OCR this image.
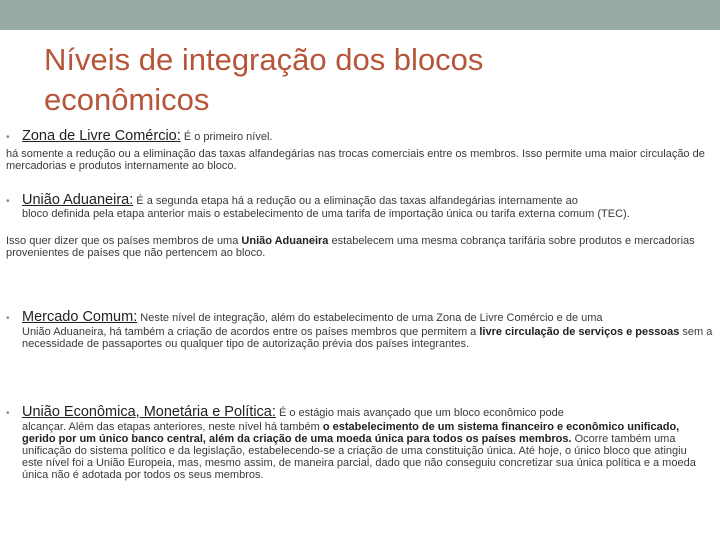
Níveis de integração dos blocos
econômicos
• Zona de Livre Comércio: É o primeiro nível.

há somente a redução ou a eliminação das taxas alfandegárias nas trocas comerciais entre os membros. Isso permite uma maior circulação de mercadorias e produtos internamente ao bloco.

• União Aduaneira: É a segunda etapa há a redução ou a eliminação das taxas alfandegárias internamente ao

bloco definida pela etapa anterior mais o estabelecimento de uma tarifa de importação única ou tarifa externa comum (TEC).

Isso quer dizer que os países membros de uma União Aduaneira estabelecem uma mesma cobrança tarifária sobre produtos e mercadorias provenientes de países que não pertencem ao bloco.

• Mercado Comum: Neste nível de integração, além do estabelecimento de uma Zona de Livre Comércio e de uma

União Aduaneira, há também a criação de acordos entre os países membros que permitem a livre circulação de serviços e pessoas sem a necessidade de passaportes ou qualquer tipo de autorização prévia dos países integrantes.

• União Econômica, Monetária e Política: É o estágio mais avançado que um bloco econômico pode

alcançar. Além das etapas anteriores, neste nível há também o estabelecimento de um sistema financeiro e econômico unificado, gerido por um único banco central, além da criação de uma moeda única para todos os países membros. Ocorre também uma unificação do sistema político e da legislação, estabelecendo-se a criação de uma constituição única. Até hoje, o único bloco que atingiu este nível foi a União Europeia, mas, mesmo assim, de maneira parcial, dado que não conseguiu concretizar sua única política e a moeda única não é adotada por todos os seus membros.
